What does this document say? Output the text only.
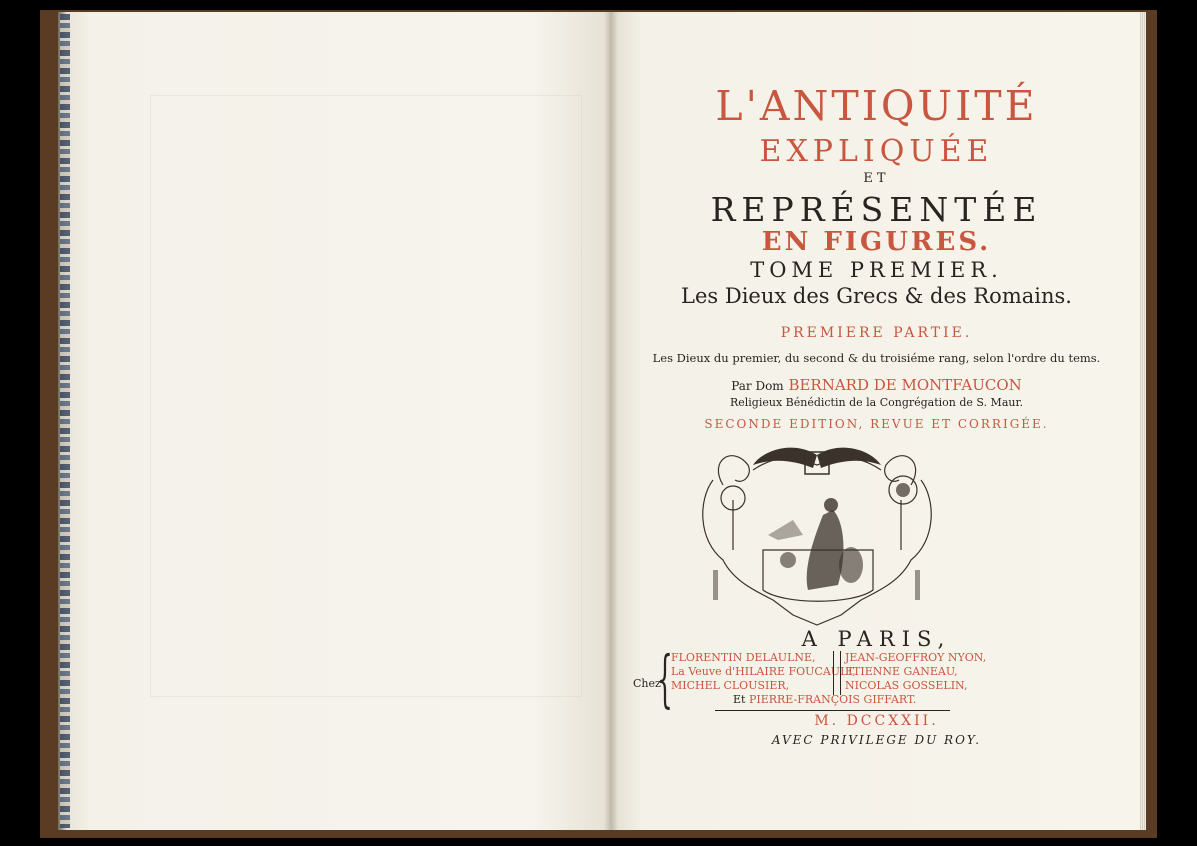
L'ANTIQUITÉ
EXPLIQUÉE
ET
REPRÉSENTÉE
EN FIGURES.
TOME PREMIER.
Les Dieux des Grecs & des Romains.
PREMIERE PARTIE.
Les Dieux du premier, du second & du troisiéme rang, selon l'ordre du tems.
Par Dom BERNARD DE MONTFAUCON
Religieux Bénédictin de la Congrégation de S. Maur.
SECONDE EDITION, REVUE ET CORRIGÉE.
A PARIS,
Chez
{
FLORENTIN DELAULNE,
La Veuve d'HILAIRE FOUCAULT,
MICHEL CLOUSIER,
JEAN-GEOFFROY NYON,
ETIENNE GANEAU,
NICOLAS GOSSELIN,
Et PIERRE-FRANÇOIS GIFFART.
M. DCCXXII.
AVEC PRIVILEGE DU ROY.
